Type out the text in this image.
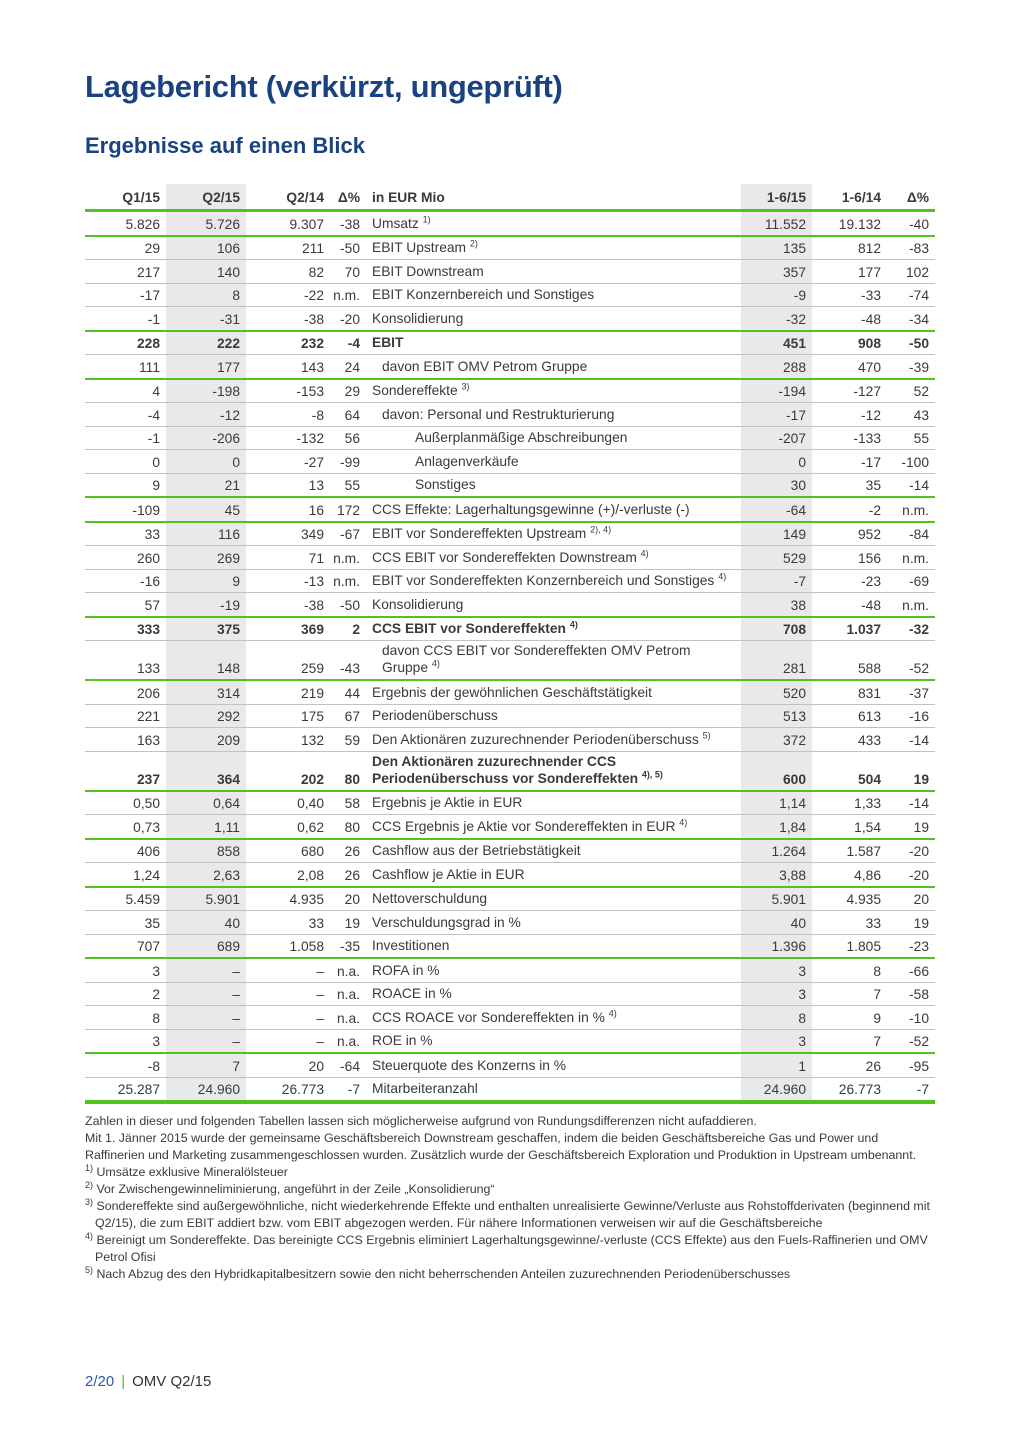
Lagebericht (verkürzt, ungeprüft)
Ergebnisse auf einen Blick
Q1/15	Q2/15	Q2/14	Δ%	in EUR Mio	1-6/15	1-6/14	Δ%
5.826	5.726	9.307	-38	Umsatz $^{1)}$	11.552	19.132	-40
29	106	211	-50	EBIT Upstream $^{2)}$	135	812	-83
217	140	82	70	EBIT Downstream	357	177	102
-17	8	-22	n.m.	EBIT Konzernbereich und Sonstiges	-9	-33	-74
-1	-31	-38	-20	Konsolidierung	-32	-48	-34
228	222	232	-4	EBIT	451	908	-50
111	177	143	24	davon EBIT OMV Petrom Gruppe	288	470	-39
4	-198	-153	29	Sondereffekte $^{3)}$	-194	-127	52
-4	-12	-8	64	davon: Personal und Restrukturierung	-17	-12	43
-1	-206	-132	56	Außerplanmäßige Abschreibungen	-207	-133	55
0	0	-27	-99	Anlagenverkäufe	0	-17	-100
9	21	13	55	Sonstiges	30	35	-14
-109	45	16	172	CCS Effekte: Lagerhaltungsgewinne (+)/-verluste (-)	-64	-2	n.m.
33	116	349	-67	EBIT vor Sondereffekten Upstream $^{2), 4)}$	149	952	-84
260	269	71	n.m.	CCS EBIT vor Sondereffekten Downstream $^{4)}$	529	156	n.m.
-16	9	-13	n.m.	EBIT vor Sondereffekten Konzernbereich und Sonstiges $^{4)}$	-7	-23	-69
57	-19	-38	-50	Konsolidierung	38	-48	n.m.
333	375	369	2	CCS EBIT vor Sondereffekten $^{4)}$	708	1.037	-32
133	148	259	-43	davon CCS EBIT vor Sondereffekten OMV Petrom
Gruppe $^{4)}$	281	588	-52
206	314	219	44	Ergebnis der gewöhnlichen Geschäftstätigkeit	520	831	-37
221	292	175	67	Periodenüberschuss	513	613	-16
163	209	132	59	Den Aktionären zuzurechnender Periodenüberschuss $^{5)}$	372	433	-14
237	364	202	80	Den Aktionären zuzurechnender CCS
Periodenüberschuss vor Sondereffekten $^{4), 5)}$	600	504	19
0,50	0,64	0,40	58	Ergebnis je Aktie in EUR	1,14	1,33	-14
0,73	1,11	0,62	80	CCS Ergebnis je Aktie vor Sondereffekten in EUR $^{4)}$	1,84	1,54	19
406	858	680	26	Cashflow aus der Betriebstätigkeit	1.264	1.587	-20
1,24	2,63	2,08	26	Cashflow je Aktie in EUR	3,88	4,86	-20
5.459	5.901	4.935	20	Nettoverschuldung	5.901	4.935	20
35	40	33	19	Verschuldungsgrad in %	40	33	19
707	689	1.058	-35	Investitionen	1.396	1.805	-23
3	–	–	n.a.	ROFA in %	3	8	-66
2	–	–	n.a.	ROACE in %	3	7	-58
8	–	–	n.a.	CCS ROACE vor Sondereffekten in % $^{4)}$	8	9	-10
3	–	–	n.a.	ROE in %	3	7	-52
-8	7	20	-64	Steuerquote des Konzerns in %	1	26	-95
25.287	24.960	26.773	-7	Mitarbeiteranzahl	24.960	26.773	-7
Zahlen in dieser und folgenden Tabellen lassen sich möglicherweise aufgrund von Rundungsdifferenzen nicht aufaddieren.
Mit 1. Jänner 2015 wurde der gemeinsame Geschäftsbereich Downstream geschaffen, indem die beiden Geschäftsbereiche Gas und Power und Raffinerien und Marketing zusammengeschlossen wurden. Zusätzlich wurde der Geschäftsbereich Exploration und Produktion in Upstream umbenannt.
$^{1)}$ Umsätze exklusive Mineralölsteuer
$^{2)}$ Vor Zwischengewinneliminierung, angeführt in der Zeile „Konsolidierung“
$^{3)}$ Sondereffekte sind außergewöhnliche, nicht wiederkehrende Effekte und enthalten unrealisierte Gewinne/Verluste aus Rohstoffderivaten (beginnend mit Q2/15), die zum EBIT addiert bzw. vom EBIT abgezogen werden. Für nähere Informationen verweisen wir auf die Geschäftsbereiche
$^{4)}$ Bereinigt um Sondereffekte. Das bereinigte CCS Ergebnis eliminiert Lagerhaltungsgewinne/-verluste (CCS Effekte) aus den Fuels-Raffinerien und OMV Petrol Ofisi
$^{5)}$ Nach Abzug des den Hybridkapitalbesitzern sowie den nicht beherrschenden Anteilen zuzurechnenden Periodenüberschusses
2/20 | OMV Q2/15
